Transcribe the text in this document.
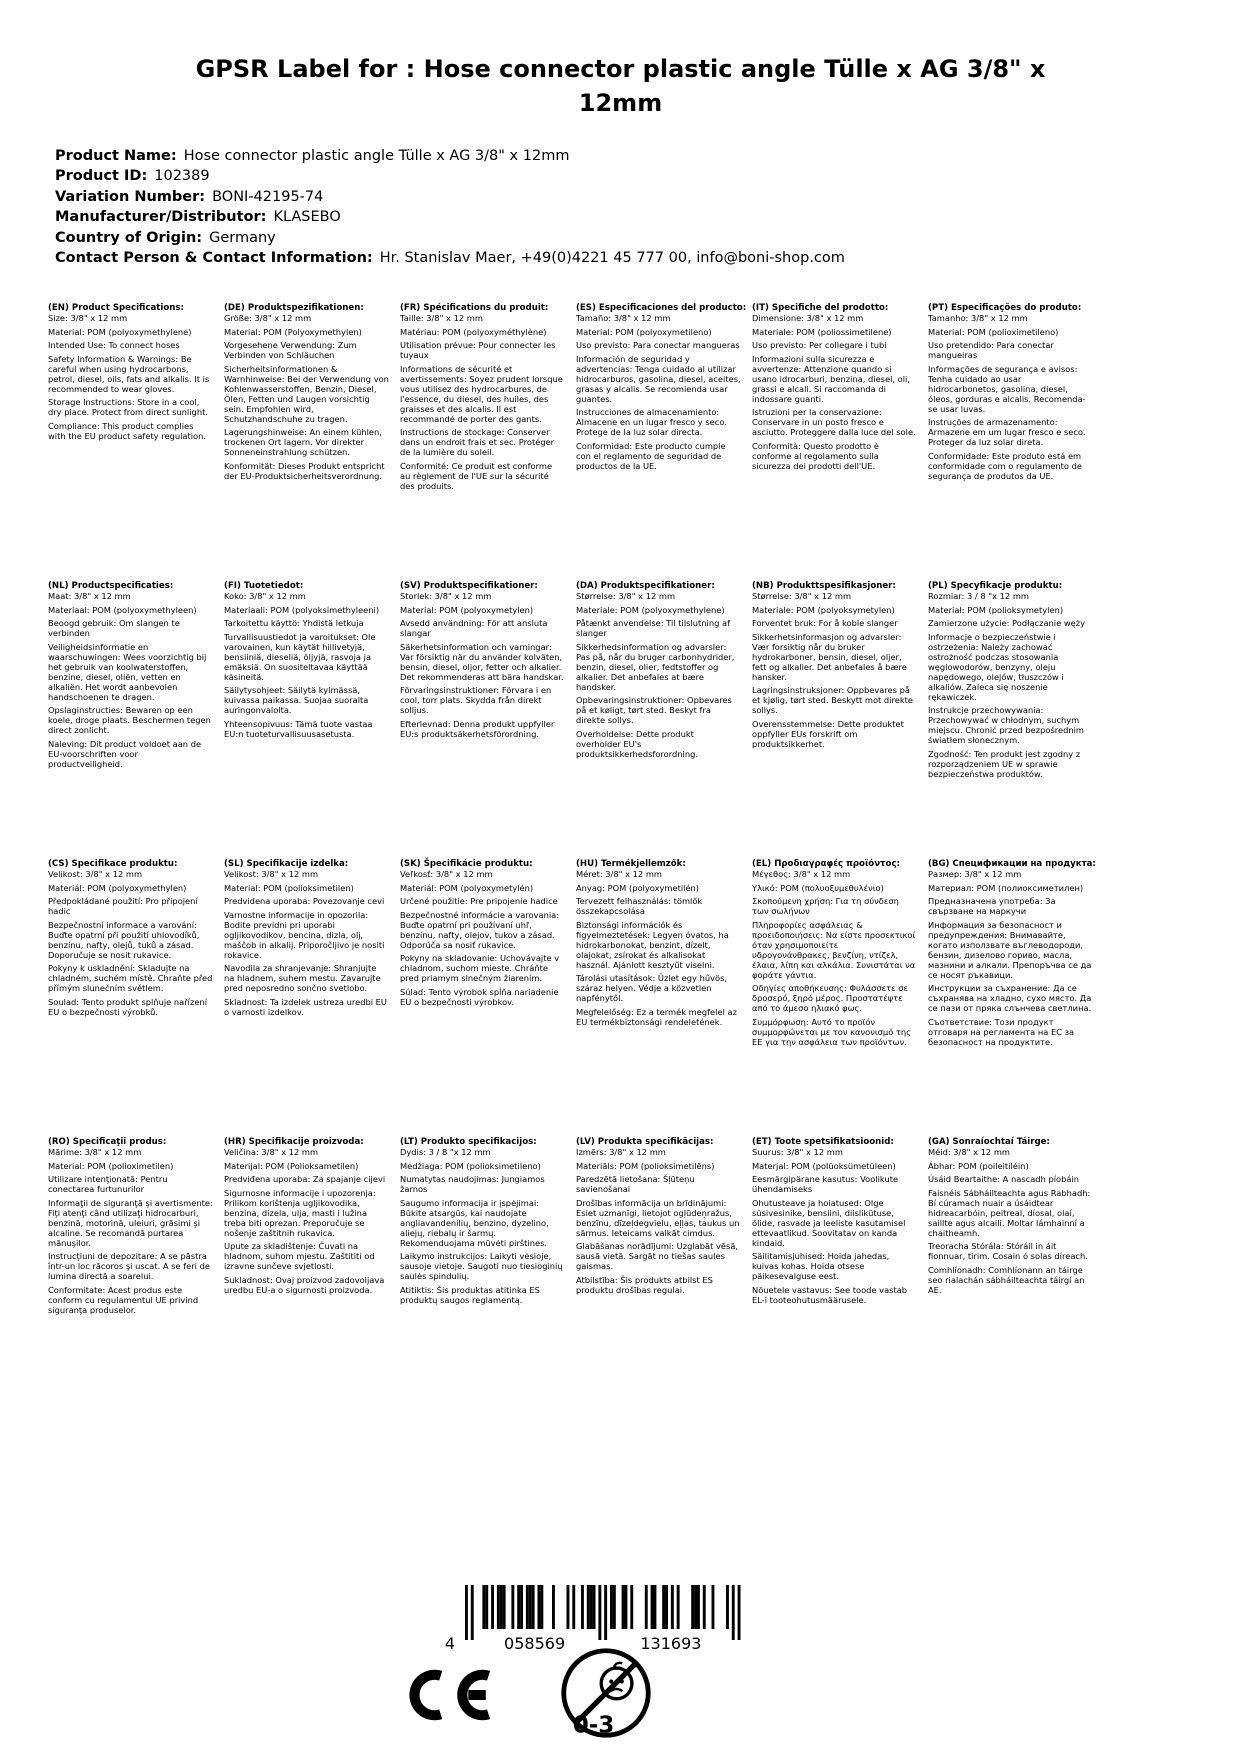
GPSR Label for : Hose connector plastic angle Tülle x AG 3/8" x 12mm
Product Name: Hose connector plastic angle Tülle x AG 3/8" x 12mm
Product ID: 102389
Variation Number: BONI-42195-74
Manufacturer/Distributor: KLASEBO
Country of Origin: Germany
Contact Person & Contact Information: Hr. Stanislav Maer, +49(0)4221 45 777 00, info@boni-shop.com
(EN) Product Specifications:

Size: 3/8" x 12 mm

Material: POM (polyoxymethylene)

Intended Use: To connect hoses

Safety Information & Warnings: Be careful when using hydrocarbons, petrol, diesel, oils, fats and alkalis. It is recommended to wear gloves.

Storage Instructions: Store in a cool, dry place. Protect from direct sunlight.

Compliance: This product complies with the EU product safety regulation.

(DE) Produktspezifikationen:

Größe: 3/8" x 12 mm

Material: POM (Polyoxymethylen)

Vorgesehene Verwendung: Zum Verbinden von Schläuchen

Sicherheitsinformationen & Warnhinweise: Bei der Verwendung von Kohlenwasserstoffen, Benzin, Diesel, Ölen, Fetten und Laugen vorsichtig sein. Empfohlen wird, Schutzhandschuhe zu tragen.

Lagerungshinweise: An einem kühlen, trockenen Ort lagern. Vor direkter Sonneneinstrahlung schützen.

Konformität: Dieses Produkt entspricht der EU-Produktsicherheitsverordnung.

(FR) Spécifications du produit:

Taille: 3/8" x 12 mm

Matériau: POM (polyoxyméthylène)

Utilisation prévue: Pour connecter les tuyaux

Informations de sécurité et avertissements: Soyez prudent lorsque vous utilisez des hydrocarbures, de l'essence, du diesel, des huiles, des graisses et des alcalis. Il est recommandé de porter des gants.

Instructions de stockage: Conserver dans un endroit frais et sec. Protéger de la lumière du soleil.

Conformité: Ce produit est conforme au règlement de l'UE sur la sécurité des produits.

(ES) Especificaciones del producto:

Tamaño: 3/8" x 12 mm

Material: POM (polyoxymetileno)

Uso previsto: Para conectar mangueras

Información de seguridad y advertencias: Tenga cuidado al utilizar hidrocarburos, gasolina, diesel, aceites, grasas y alcalis. Se recomienda usar guantes.

Instrucciones de almacenamiento: Almacene en un lugar fresco y seco. Protege de la luz solar directa.

Conformidad: Este producto cumple con el reglamento de seguridad de productos de la UE.

(IT) Specifiche del prodotto:

Dimensione: 3/8" x 12 mm

Materiale: POM (poliossimetilene)

Uso previsto: Per collegare i tubi

Informazioni sulla sicurezza e avvertenze: Attenzione quando si usano idrocarburi, benzina, diesel, oli, grassi e alcali. Si raccomanda di indossare guanti.

Istruzioni per la conservazione: Conservare in un posto fresco e asciutto. Proteggere dalla luce del sole.

Conformità: Questo prodotto è conforme al regolamento sulla sicurezza dei prodotti dell'UE.

(PT) Especificações do produto:

Tamanho: 3/8" x 12 mm

Material: POM (polioximetileno)

Uso pretendido: Para conectar mangueiras

Informações de segurança e avisos: Tenha cuidado ao usar hidrocarbonetos, gasolina, diesel, óleos, gorduras e alcalis. Recomenda-se usar luvas.

Instruções de armazenamento: Armazene em um lugar fresco e seco. Proteger da luz solar direta.

Conformidade: Este produto está em conformidade com o regulamento de segurança de produtos da UE.

(NL) Productspecificaties:

Maat: 3/8" x 12 mm

Materiaal: POM (polyoxymethyleen)

Beoogd gebruik: Om slangen te verbinden

Veiligheidsinformatie en waarschuwingen: Wees voorzichtig bij het gebruik van koolwaterstoffen, benzine, diesel, oliën, vetten en alkaliën. Het wordt aanbevolen handschoenen te dragen.

Opslaginstructies: Bewaren op een koele, droge plaats. Beschermen tegen direct zonlicht.

Naleving: Dit product voldoet aan de EU-voorschriften voor productveiligheid.

(FI) Tuotetiedot:

Koko: 3/8" x 12 mm

Materiaali: POM (polyoksimethyleeni)

Tarkoitettu käyttö: Yhdistä letkuja

Turvallisuustiedot ja varoitukset: Ole varovainen, kun käytät hiilivetyjä, bensiiniä, dieseliä, öljyjä, rasvoja ja emäksiä. On suositeltavaa käyttää käsineitä.

Säilytysohjeet: Säilytä kylmässä, kuivassa paikassa. Suojaa suoralta auringonvalolta.

Yhteensopivuus: Tämä tuote vastaa EU:n tuoteturvallisuusasetusta.

(SV) Produktspecifikationer:

Storlek: 3/8" x 12 mm

Material: POM (polyoxymetylen)

Avsedd användning: För att ansluta slangar

Säkerhetsinformation och varningar: Var försiktig när du använder kolväten, bensin, diesel, oljor, fetter och alkalier. Det rekommenderas att bära handskar.

Förvaringsinstruktioner: Förvara i en cool, torr plats. Skydda från direkt solljus.

Efterlevnad: Denna produkt uppfyller EU:s produktsäkerhetsförordning.

(DA) Produktspecifikationer:

Størrelse: 3/8" x 12 mm

Materiale: POM (polyoxymethylene)

Påtænkt anvendelse: Til tilslutning af slanger

Sikkerhedsinformation og advarsler: Pas på, når du bruger carbonhydrider, benzin, diesel, olier, fedtstoffer og alkalier. Det anbefales at bære handsker.

Opbevaringsinstruktioner: Opbevares på et køligt, tørt sted. Beskyt fra direkte sollys.

Overholdelse: Dette produkt overholder EU's produktsikkerhedsforordning.

(NB) Produkttspesifikasjoner:

Størrelse: 3/8" x 12 mm

Materiale: POM (polyoksymetylen)

Forventet bruk: For å koble slanger

Sikkerhetsinformasjon og advarsler: Vær forsiktig når du bruker hydrokarboner, bensin, diesel, oljer, fett og alkalier. Det anbefales å bære hansker.

Lagringsinstruksjoner: Oppbevares på et kjølig, tørt sted. Beskytt mot direkte sollys.

Overensstemmelse: Dette produktet oppfyller EUs forskrift om produktsikkerhet.

(PL) Specyfikacje produktu:

Rozmiar: 3 / 8 "x 12 mm

Materiał: POM (polioksymetylen)

Zamierzone użycie: Podłączanie węży

Informacje o bezpieczeństwie i ostrzeżenia: Należy zachować ostrożność podczas stosowania węglowodorów, benzyny, oleju napędowego, olejów, tłuszczów i alkaliów. Zaleca się noszenie rękawiczek.

Instrukcje przechowywania: Przechowywać w chłodnym, suchym miejscu. Chronić przed bezpośrednim światłem słonecznym.

Zgodność: Ten produkt jest zgodny z rozporządzeniem UE w sprawie bezpieczeństwa produktów.

(CS) Specifikace produktu:

Velikost: 3/8" x 12 mm

Materiál: POM (polyoxymethylen)

Předpokládané použití: Pro připojení hadic

Bezpečnostní informace a varování: Buďte opatrní při použití uhlovodíků, benzínu, nafty, olejů, tuků a zásad. Doporučuje se nosit rukavice.

Pokyny k uskladnění: Skladujte na chladném, suchém místě. Chraňte před přímým slunečním světlem.

Soulad: Tento produkt splňuje nařízení EU o bezpečnosti výrobků.

(SL) Specifikacije izdelka:

Velikost: 3/8" x 12 mm

Material: POM (polioksimetilen)

Predvidena uporaba: Povezovanje cevi

Varnostne informacije in opozorila: Bodite previdni pri uporabi ogljikovodikov, bencina, dizla, olj, maščob in alkalij. Priporočljivo je nositi rokavice.

Navodila za shranjevanje: Shranjujte na hladnem, suhem mestu. Zavarujte pred neposredno sončno svetlobo.

Skladnost: Ta izdelek ustreza uredbi EU o varnosti izdelkov.

(SK) Špecifikácie produktu:

Veľkosť: 3/8" x 12 mm

Materiál: POM (polyoxymetylén)

Určené použitie: Pre pripojenie hadice

Bezpečnostné informácie a varovania: Buďte opatrní pri používaní uhľ, benzínu, nafty, olejov, tukov a zásad. Odporúča sa nosiť rukavice.

Pokyny na skladovanie: Uchovávajte v chladnom, suchom mieste. Chráňte pred priamym slnečným žiarením.

Súlad: Tento výrobok spĺňa nariadenie EU o bezpečnosti výrobkov.

(HU) Termékjellemzők:

Méret: 3/8" x 12 mm

Anyag: POM (polyoxymetilén)

Tervezett felhasználás: tömlők összekapcsolása

Biztonsági információk és figyelmeztetések: Legyen óvatos, ha hidrokarbonokat, benzint, dízelt, olajokat, zsírokat és alkalisokat használ. Ajánlott kesztyűt viselni.

Tárolási utasítások: Üzlet egy hűvös, száraz helyen. Védje a közvetlen napfénytől.

Megfelelőség: Ez a termék megfelel az EU termékbiztonsági rendeletének.

(EL) Προδιαγραφές προϊόντος:

Μέγεθος: 3/8" x 12 mm

Υλικό: POM (πολυοξυμεθυλένιο)

Σκοπούμενη χρήση: Για τη σύνδεση των σωλήνων

Πληροφορίες ασφάλειας & προειδοποιήσεις: Να είστε προσεκτικοί όταν χρησιμοποιείτε υδρογονάνθρακες, βενζίνη, ντίζελ, έλαια, λίπη και αλκάλια. Συνιστάται να φοράτε γάντια.

Οδηγίες αποθήκευσης: Φυλάσσετε σε δροσερό, ξηρό μέρος. Προστατέψτε από το άμεσο ηλιακό φως.

Συμμόρφωση: Αυτό το προϊόν συμμορφώνεται με τον κανονισμό της ΕΕ για την ασφάλεια των προϊόντων.

(BG) Спецификации на продукта:

Размер: 3/8" x 12 mm

Материал: POM (полиоксиметилен)

Предназначена употреба: За свързване на маркучи

Информация за безопасност и предупреждения: Внимавайте, когато използвате въглеводороди, бензин, дизелово гориво, масла, мазнини и алкали. Препоръчва се да се носят ръкавици.

Инструкции за съхранение: Да се съхранява на хладно, сухо място. Да се пази от пряка слънчева светлина.

Съответствие: Този продукт отговаря на регламента на ЕС за безопасност на продуктите.

(RO) Specificaţii produs:

Mărime: 3/8" x 12 mm

Material: POM (polioximetilen)

Utilizare intenţionată: Pentru conectarea furtunurilor

Informaţii de siguranţă şi avertismente: Fiţi atenţi când utilizaţi hidrocarburi, benzină, motorină, uleiuri, grăsimi şi alcaline. Se recomandă purtarea mănuşilor.

Instrucţiuni de depozitare: A se păstra într-un loc răcoros şi uscat. A se feri de lumina directă a soarelui.

Conformitate: Acest produs este conform cu regulamentul UE privind siguranţa produselor.

(HR) Specifikacije proizvoda:

Veličina: 3/8" x 12 mm

Materijal: POM (Polioksametilen)

Predviđena uporaba: Za spajanje cijevi

Sigurnosne informacije i upozorenja: Prilikom korištenja ugljikovodika, benzina, dizela, ulja, masti i lužina treba biti oprezan. Preporučuje se nošenje zaštitnih rukavica.

Upute za skladištenje: Čuvati na hladnom, suhom mjestu. Zaštititi od izravne sunčeve svjetlosti.

Sukladnost: Ovaj proizvod zadovoljava uredbu EU-a o sigurnosti proizvoda.

(LT) Produkto specifikacijos:

Dydis: 3 / 8 "x 12 mm

Medžiaga: POM (polioksimetileno)

Numatytas naudojimas: Jungiamos žarnos

Saugumo informacija ir įspėjimai: Būkite atsargūs, kai naudojate angliavandenilių, benzino, dyzelino, aliejų, riebalų ir šarmų. Rekomenduojama mūvėti pirštines.

Laikymo instrukcijos: Laikyti vėsioje, sausoje vietoje. Saugoti nuo tiesioginių saulės spindulių.

Atitiktis: Šis produktas atitinka ES produktų saugos reglamentą.

(LV) Produkta specifikācijas:

Izmērs: 3/8" x 12 mm

Materiāls: POM (polioksimetilēns)

Paredzētā lietošana: Šļūteņu savienošanai

Drošības informācija un brīdinājumi: Esiet uzmanīgi, lietojot ogļūdeņražus, benzīnu, dīzeļdegvielu, eļļas, taukus un sārmus. Ieteicams valkāt cimdus.

Glabāšanas norādījumi: Uzglabāt vēsā, sausā vietā. Sargāt no tiešas saules gaismas.

Atbilstība: Šis produkts atbilst ES produktu drošības regulai.

(ET) Toote spetsifikatsioonid:

Suurus: 3/8" x 12 mm

Materjal: POM (polüoksümetüleen)

Eesmärgipärane kasutus: Voolikute ühendamiseks

Ohutusteave ja hoiatused: Olge süsivesinike, bensiini, diislikütuse, õlide, rasvade ja leeliste kasutamisel ettevaatlikud. Soovitatav on kanda kindaid.

Säilitamisjuhised: Hoida jahedas, kuivas kohas. Hoida otsese päikesevalguse eest.

Nõuetele vastavus: See toode vastab EL-i tooteohutusmäärusele.

(GA) Sonraíochtaí Táirge:

Méid: 3/8" x 12 mm

Ábhar: POM (poileitiléin)

Úsáid Beartaithe: A nascadh píobáin

Faisnéis Sábháilteachta agus Rabhadh: Bí cúramach nuair a úsáidtear hidreacarbóin, peitreal, díosal, olaí, saillte agus alcaili. Moltar lámhainní a chaitheamh.

Treoracha Stórála: Stóráil in áit fionnuar, tirim. Cosain ó solas díreach.

Comhlíonadh: Comhlíonann an táirge seo rialachán sábháilteachta táirgí an AE.

4	058569	131693
0-3
